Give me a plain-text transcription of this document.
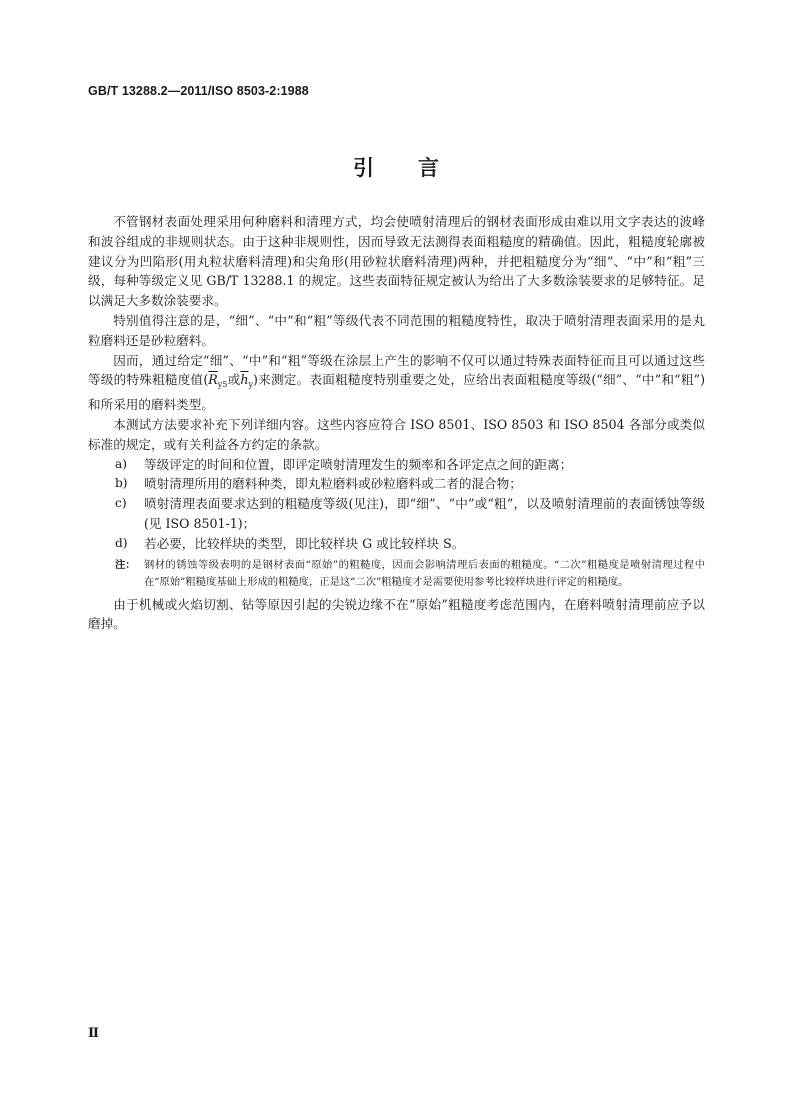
GB/T 13288.2—2011/ISO 8503-2:1988
引言

不管钢材表面处理采用何种磨料和清理方式，均会使喷射清理后的钢材表面形成由难以用文字表达的波峰和波谷组成的非规则状态。由于这种非规则性，因而导致无法测得表面粗糙度的精确值。因此，粗糙度轮廓被建议分为凹陷形(用丸粒状磨料清理)和尖角形(用砂粒状磨料清理)两种，并把粗糙度分为“细”、“中”和“粗”三级，每种等级定义见 GB/T 13288.1 的规定。这些表面特征规定被认为给出了大多数涂装要求的足够特征。足以满足大多数涂装要求。

特别值得注意的是，“细”、“中”和“粗”等级代表不同范围的粗糙度特性，取决于喷射清理表面采用的是丸粒磨料还是砂粒磨料。

因而，通过给定“细”、“中”和“粗”等级在涂层上产生的影响不仅可以通过特殊表面特征而且可以通过这些等级的特殊粗糙度值($\overline{R}_{y5}$或$\overline{h}_y$)来测定。表面粗糙度特别重要之处，应给出表面粗糙度等级(“细”、“中”和“粗”)和所采用的磨料类型。

本测试方法要求补充下列详细内容。这些内容应符合 ISO 8501、ISO 8503 和 ISO 8504 各部分或类似标准的规定，或有关利益各方约定的条款。

a) 等级评定的时间和位置，即评定喷射清理发生的频率和各评定点之间的距离；
b) 喷射清理所用的磨料种类，即丸粒磨料或砂粒磨料或二者的混合物；
c) 喷射清理表面要求达到的粗糙度等级(见注)，即“细”、“中”或“粗”，以及喷射清理前的表面锈蚀等级(见 ISO 8501-1)；
d) 若必要，比较样块的类型，即比较样块 G 或比较样块 S。
注： 钢材的锈蚀等级表明的是钢材表面“原始”的粗糙度，因而会影响清理后表面的粗糙度。“二次”粗糙度是喷射清理过程中在“原始”粗糙度基础上形成的粗糙度，正是这“二次”粗糙度才是需要使用参考比较样块进行评定的粗糙度。

由于机械或火焰切割、钻等原因引起的尖锐边缘不在“原始”粗糙度考虑范围内，在磨料喷射清理前应予以磨掉。

Ⅱ
